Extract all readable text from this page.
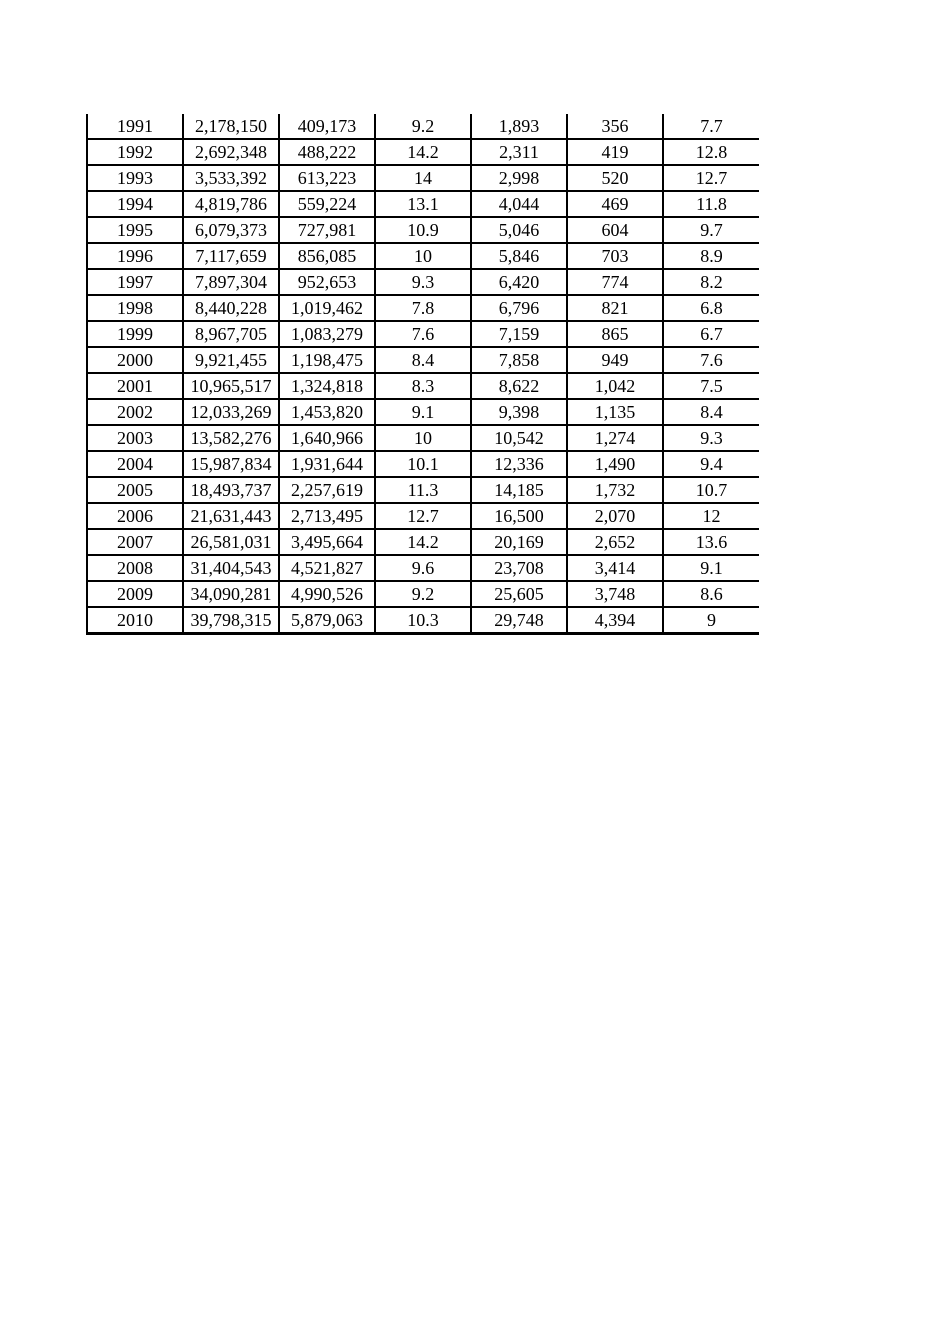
1991	2,178,150	409,173	9.2	1,893	356	7.7
1992	2,692,348	488,222	14.2	2,311	419	12.8
1993	3,533,392	613,223	14	2,998	520	12.7
1994	4,819,786	559,224	13.1	4,044	469	11.8
1995	6,079,373	727,981	10.9	5,046	604	9.7
1996	7,117,659	856,085	10	5,846	703	8.9
1997	7,897,304	952,653	9.3	6,420	774	8.2
1998	8,440,228	1,019,462	7.8	6,796	821	6.8
1999	8,967,705	1,083,279	7.6	7,159	865	6.7
2000	9,921,455	1,198,475	8.4	7,858	949	7.6
2001	10,965,517	1,324,818	8.3	8,622	1,042	7.5
2002	12,033,269	1,453,820	9.1	9,398	1,135	8.4
2003	13,582,276	1,640,966	10	10,542	1,274	9.3
2004	15,987,834	1,931,644	10.1	12,336	1,490	9.4
2005	18,493,737	2,257,619	11.3	14,185	1,732	10.7
2006	21,631,443	2,713,495	12.7	16,500	2,070	12
2007	26,581,031	3,495,664	14.2	20,169	2,652	13.6
2008	31,404,543	4,521,827	9.6	23,708	3,414	9.1
2009	34,090,281	4,990,526	9.2	25,605	3,748	8.6
2010	39,798,315	5,879,063	10.3	29,748	4,394	9
